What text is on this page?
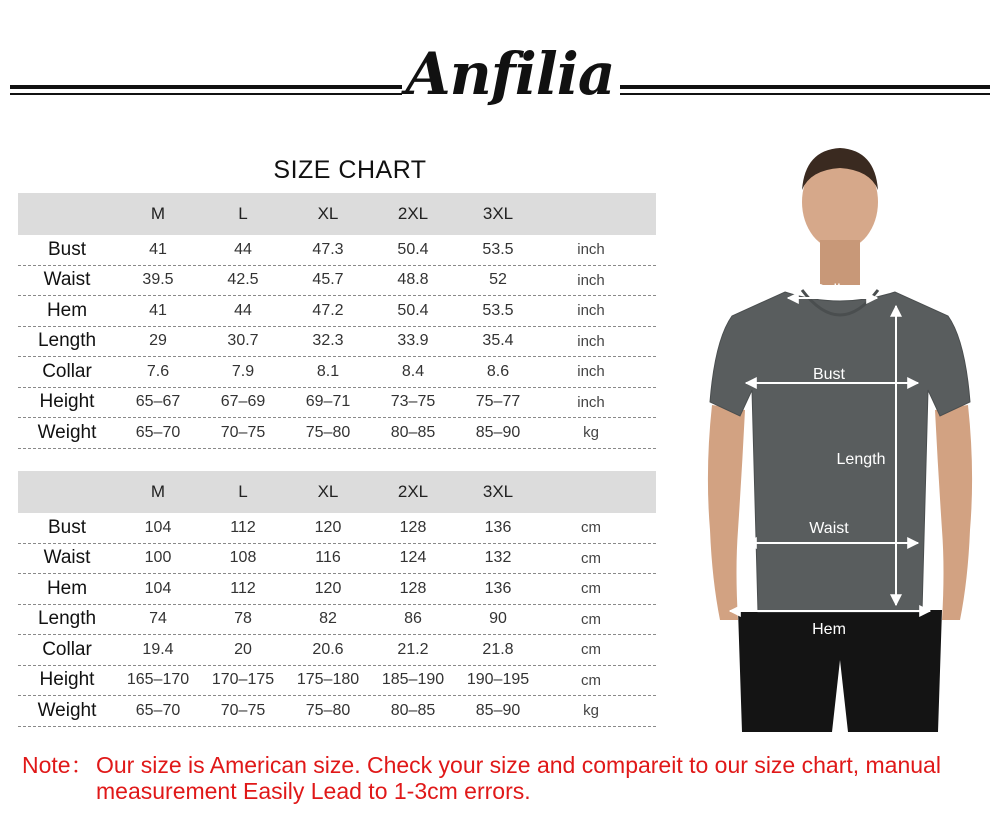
Anfilia
SIZE CHART
M	L	XL	2XL	3XL
Bust	41	44	47.3	50.4	53.5	inch
Waist	39.5	42.5	45.7	48.8	52	inch
Hem	41	44	47.2	50.4	53.5	inch
Length	29	30.7	32.3	33.9	35.4	inch
Collar	7.6	7.9	8.1	8.4	8.6	inch
Height	65–67	67–69	69–71	73–75	75–77	inch
Weight	65–70	70–75	75–80	80–85	85–90	kg
M	L	XL	2XL	3XL
Bust	104	112	120	128	136	cm
Waist	100	108	116	124	132	cm
Hem	104	112	120	128	136	cm
Length	74	78	82	86	90	cm
Collar	19.4	20	20.6	21.2	21.8	cm
Height	165–170	170–175	175–180	185–190	190–195	cm
Weight	65–70	70–75	75–80	80–85	85–90	kg
Collar
Bust
Length
Waist
Hem
Note： Our size is American size. Check your size and compareit to our size chart, manual
measurement Easily Lead to 1-3cm errors.
